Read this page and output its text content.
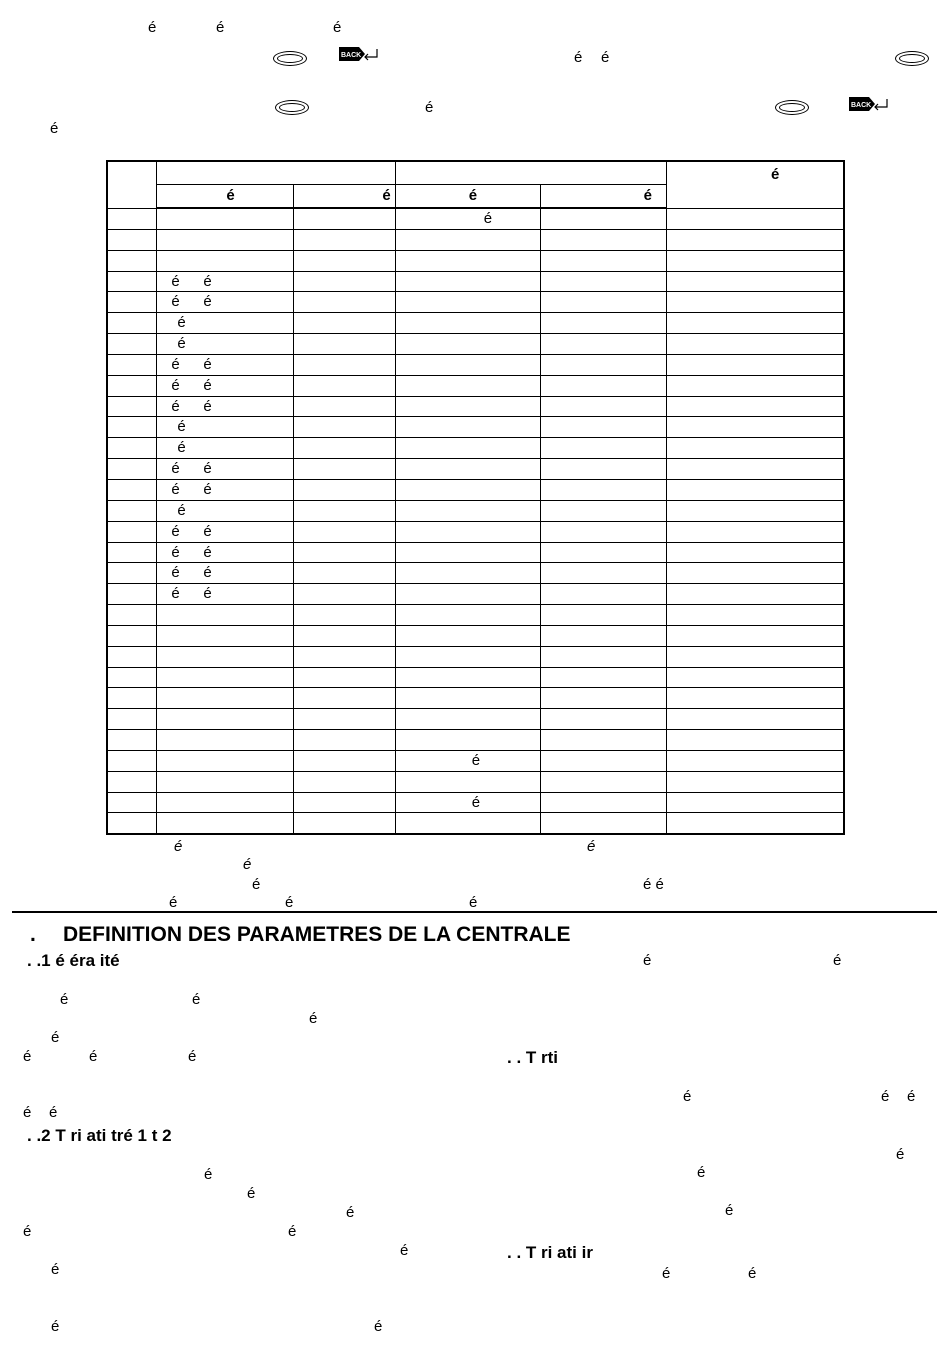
é	é	é
BACK	é é
é	BACK
é

					é

	é	é	é	é	

			é		

	é é				

	é é				

	é				

	é				

	é é				

	é é				

	é é				

	é				

	é				

	é é				

	é é				

	é				

	é é				

	é é				

	é é				

	é é				

			é		

			é		

é	é
é
é	é é
é	é	é
. DEFINITION DES PARAMETRES DE LA CENTRALE
. .1 é éra ité	é	é
é	é
é
é
é	é	é	. . T rti
é	é é
é é
. .2 T ri ati tré 1 t 2
é
é	é
é
é	é
é	é
é	. . T ri ati ir
é	é	é
é	é
